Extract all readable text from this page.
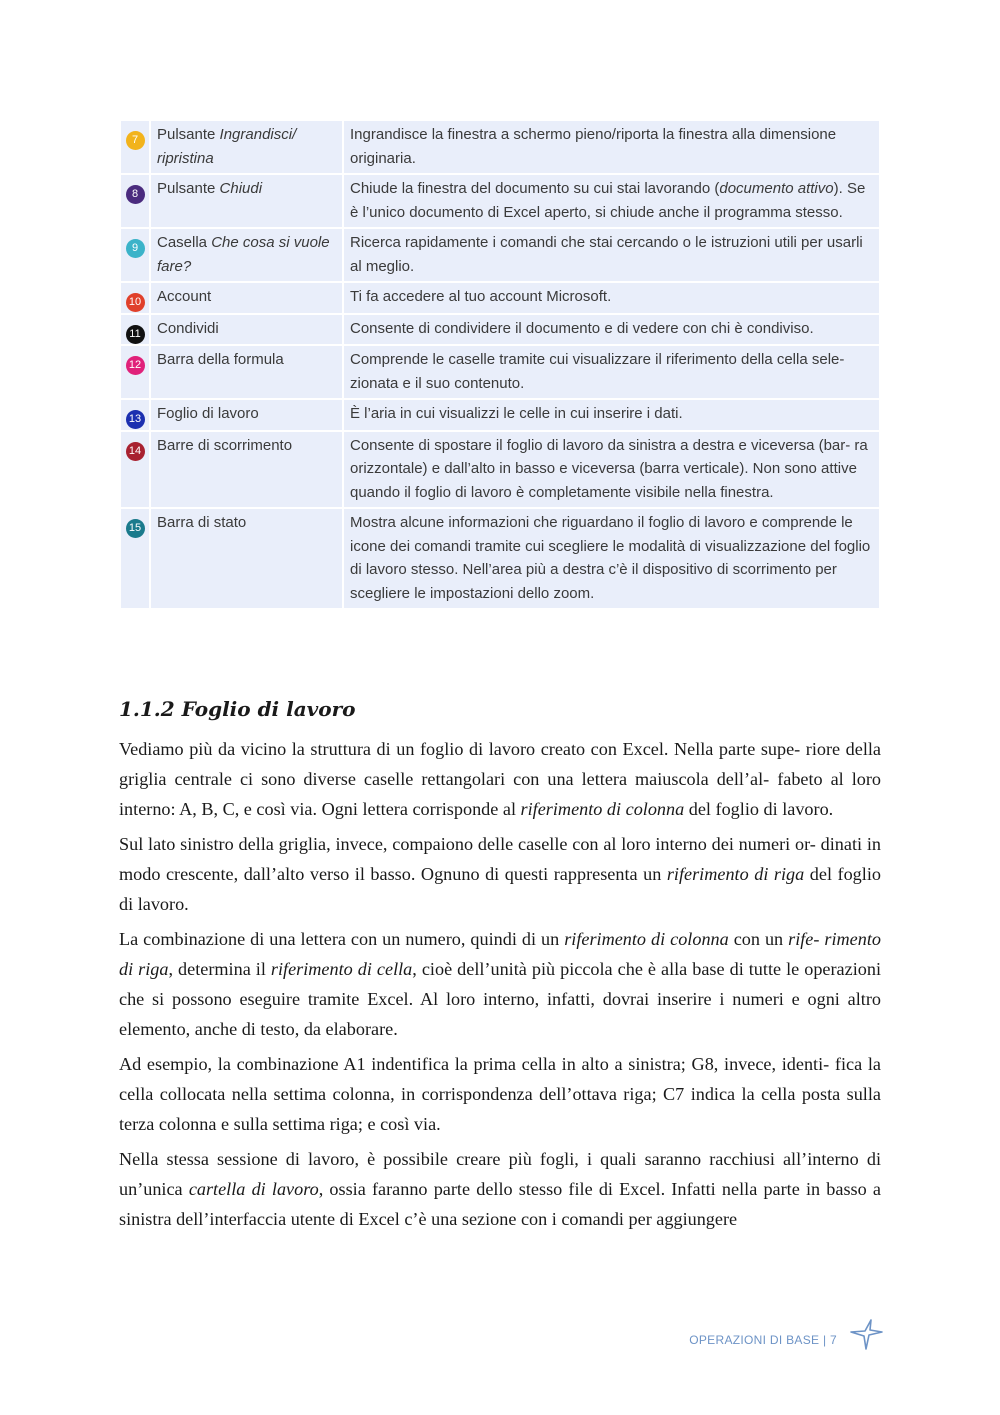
7	Pulsante Ingrandisci/ ripristina	Ingrandisce la finestra a schermo pieno/riporta la finestra alla dimensione originaria.
8	Pulsante Chiudi	Chiude la finestra del documento su cui stai lavorando (documento attivo). Se è l’unico documento di Excel aperto, si chiude anche il programma stesso.
9	Casella Che cosa si vuole fare?	Ricerca rapidamente i comandi che stai cercando o le istruzioni utili per usarli al meglio.
10	Account	Ti fa accedere al tuo account Microsoft.
11	Condividi	Consente di condividere il documento e di vedere con chi è condiviso.
12	Barra della formula	Comprende le caselle tramite cui visualizzare il riferimento della cella sele- zionata e il suo contenuto.
13	Foglio di lavoro	È l’aria in cui visualizzi le celle in cui inserire i dati.
14	Barre di scorrimento	Consente di spostare il foglio di lavoro da sinistra a destra e viceversa (bar- ra orizzontale) e dall’alto in basso e viceversa (barra verticale). Non sono attive quando il foglio di lavoro è completamente visibile nella finestra.
15	Barra di stato	Mostra alcune informazioni che riguardano il foglio di lavoro e comprende le icone dei comandi tramite cui scegliere le modalità di visualizzazione del foglio di lavoro stesso. Nell’area più a destra c’è il dispositivo di scorrimento per scegliere le impostazioni dello zoom.
1.1.2 Foglio di lavoro

Vediamo più da vicino la struttura di un foglio di lavoro creato con Excel. Nella parte supe- riore della griglia centrale ci sono diverse caselle rettangolari con una lettera maiuscola dell’al- fabeto al loro interno: A, B, C, e così via. Ogni lettera corrisponde al riferimento di colonna del foglio di lavoro.

Sul lato sinistro della griglia, invece, compaiono delle caselle con al loro interno dei numeri or- dinati in modo crescente, dall’alto verso il basso. Ognuno di questi rappresenta un riferimento di riga del foglio di lavoro.

La combinazione di una lettera con un numero, quindi di un riferimento di colonna con un rife- rimento di riga, determina il riferimento di cella, cioè dell’unità più piccola che è alla base di tutte le operazioni che si possono eseguire tramite Excel. Al loro interno, infatti, dovrai inserire i numeri e ogni altro elemento, anche di testo, da elaborare.

Ad esempio, la combinazione A1 indentifica la prima cella in alto a sinistra; G8, invece, identi- fica la cella collocata nella settima colonna, in corrispondenza dell’ottava riga; C7 indica la cella posta sulla terza colonna e sulla settima riga; e così via.

Nella stessa sessione di lavoro, è possibile creare più fogli, i quali saranno racchiusi all’interno di un’unica cartella di lavoro, ossia faranno parte dello stesso file di Excel. Infatti nella parte in basso a sinistra dell’interfaccia utente di Excel c’è una sezione con i comandi per aggiungere

OPERAZIONI DI BASE | 7
